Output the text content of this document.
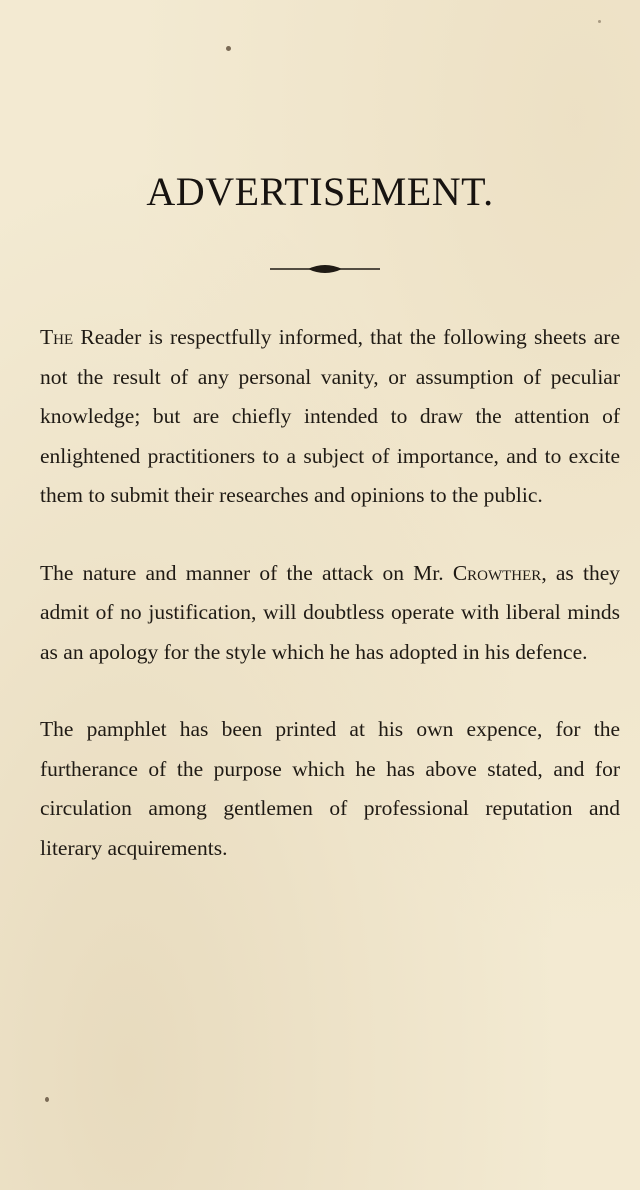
ADVERTISEMENT.

The Reader is respectfully informed, that the following sheets are not the result of any personal vanity, or assumption of peculiar knowledge; but are chiefly intended to draw the attention of enlightened practitioners to a subject of importance, and to excite them to submit their researches and opinions to the public.

The nature and manner of the attack on Mr. Crowther, as they admit of no justification, will doubtless operate with liberal minds as an apology for the style which he has adopted in his defence.

The pamphlet has been printed at his own expence, for the furtherance of the purpose which he has above stated, and for circulation among gentlemen of professional reputation and literary acquirements.
